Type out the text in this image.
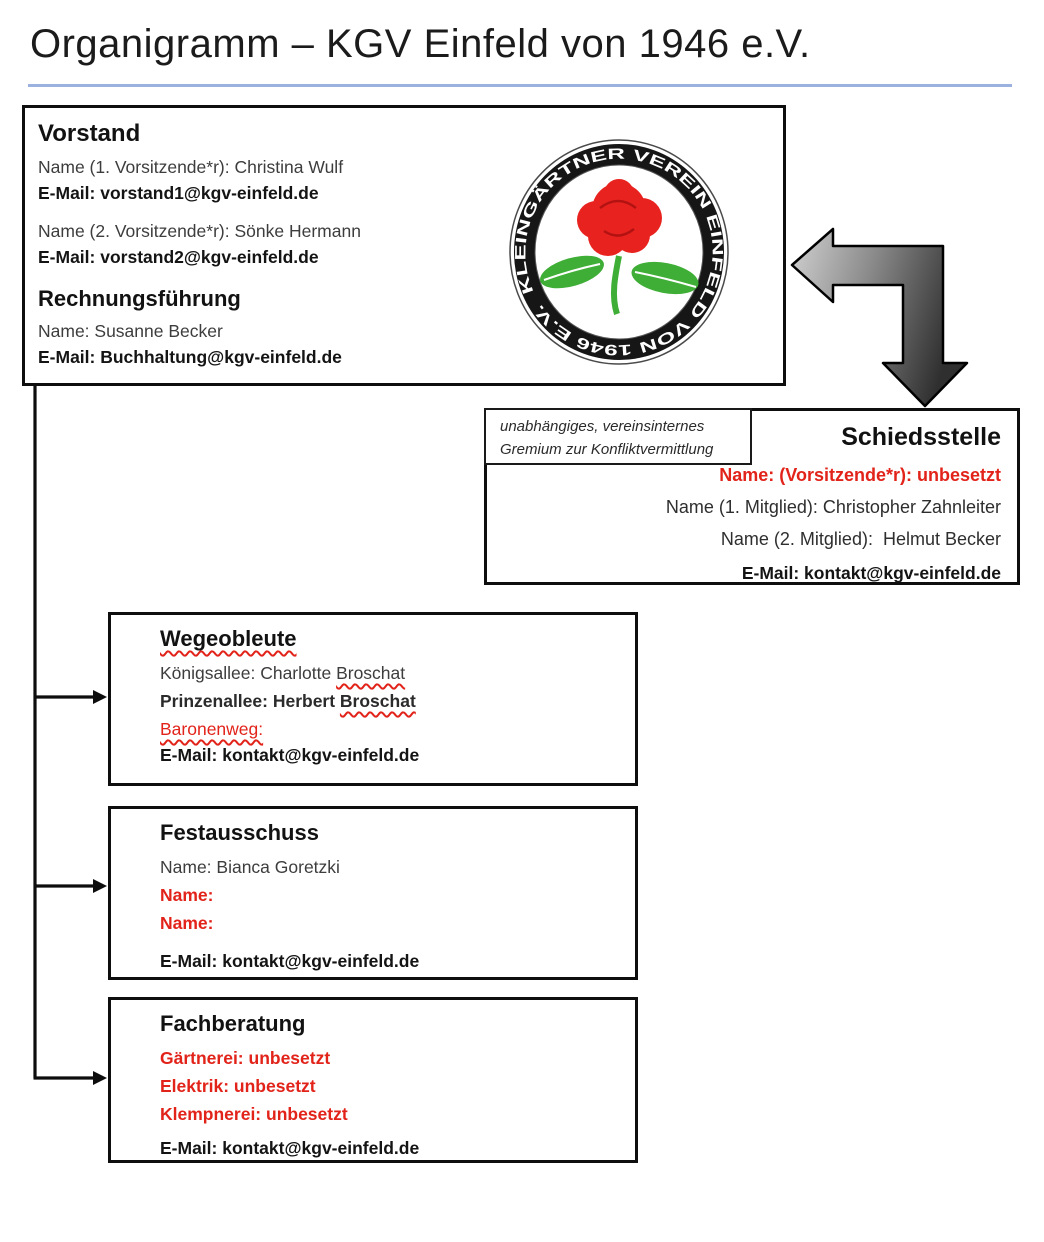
Organigramm – KGV Einfeld von 1946 e.V.
Vorstand
Name (1. Vorsitzende*r): Christina Wulf
E-Mail: vorstand1@kgv-einfeld.de
Name (2. Vorsitzende*r): Sönke Hermann
E-Mail: vorstand2@kgv-einfeld.de
Rechnungsführung
Name: Susanne Becker
E-Mail: Buchhaltung@kgv-einfeld.de
KLEINGÄRTNER VEREIN EINFELD VON 1946 E.V.
unabhängiges, vereinsinternes
Gremium zur Konfliktvermittlung	Schiedsstelle
Name: (Vorsitzende*r): unbesetzt
Name (1. Mitglied): Christopher Zahnleiter
Name (2. Mitglied):  Helmut Becker
E-Mail: kontakt@kgv-einfeld.de
Wegeobleute
Königsallee: Charlotte Broschat
Prinzenallee: Herbert Broschat
Baronenweg:
E-Mail: kontakt@kgv-einfeld.de
Festausschuss
Name: Bianca Goretzki
Name:
Name:
E-Mail: kontakt@kgv-einfeld.de
Fachberatung
Gärtnerei: unbesetzt
Elektrik: unbesetzt
Klempnerei: unbesetzt
E-Mail: kontakt@kgv-einfeld.de
